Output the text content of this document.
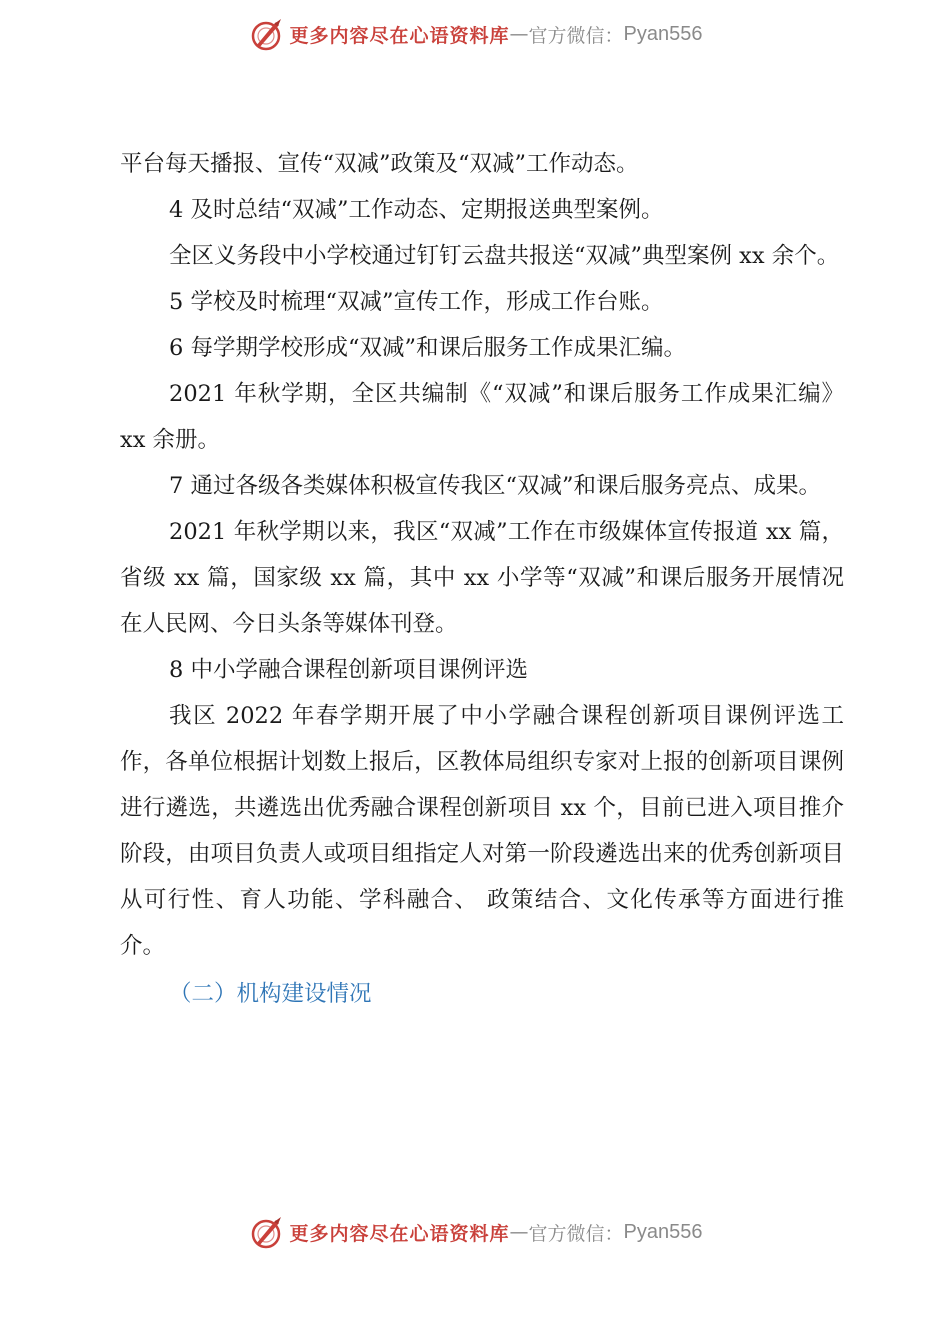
更多内容尽在心语资料库 — 官方微信： Pyan556

平台每天播报、宣传“双减”政策及“双减”工作动态。

4 及时总结“双减”工作动态、定期报送典型案例。

全区义务段中小学校通过钉钉云盘共报送“双减”典型案例 xx 余个。

5 学校及时梳理“双减”宣传工作，形成工作台账。

6 每学期学校形成“双减”和课后服务工作成果汇编。

2021 年秋学期，全区共编制《“双减”和课后服务工作成果汇编》xx 余册。

7 通过各级各类媒体积极宣传我区“双减”和课后服务亮点、成果。

2021 年秋学期以来，我区“双减”工作在市级媒体宣传报道 xx 篇，省级 xx 篇，国家级 xx 篇，其中 xx 小学等“双减”和课后服务开展情况在人民网、今日头条等媒体刊登。

8 中小学融合课程创新项目课例评选

我区 2022 年春学期开展了中小学融合课程创新项目课例评选工作，各单位根据计划数上报后，区教体局组织专家对上报的创新项目课例进行遴选，共遴选出优秀融合课程创新项目 xx 个，目前已进入项目推介阶段，由项目负责人或项目组指定人对第一阶段遴选出来的优秀创新项目从可行性、育人功能、学科融合、 政策结合、文化传承等方面进行推介。

（二）机构建设情况

更多内容尽在心语资料库 — 官方微信： Pyan556
